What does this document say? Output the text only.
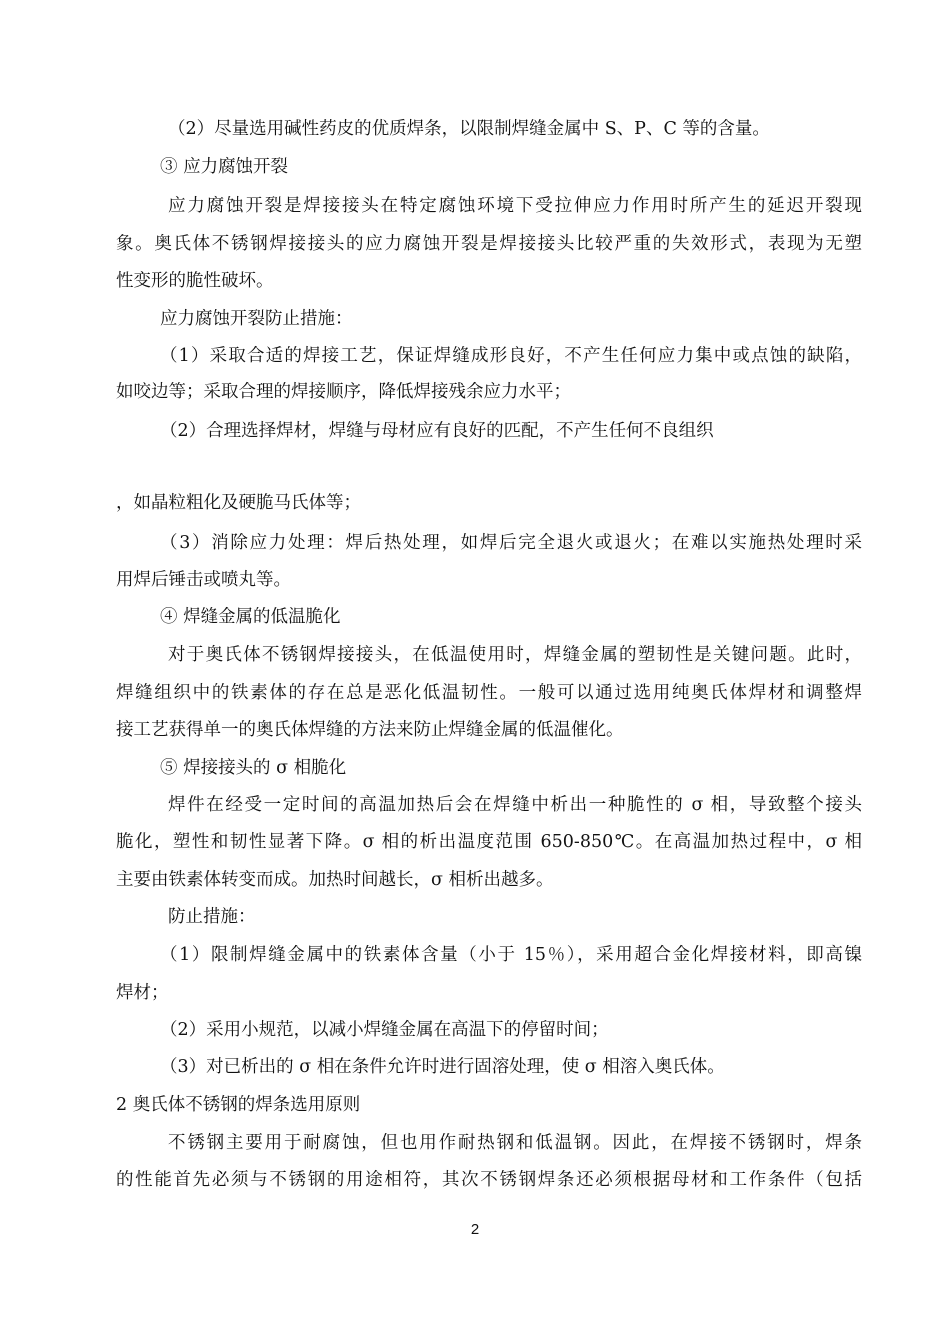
（2）尽量选用碱性药皮的优质焊条，以限制焊缝金属中 S、P、C 等的含量。
③ 应力腐蚀开裂
应力腐蚀开裂是焊接接头在特定腐蚀环境下受拉伸应力作用时所产生的延迟开裂现
象。奥氏体不锈钢焊接接头的应力腐蚀开裂是焊接接头比较严重的失效形式，表现为无塑
性变形的脆性破坏。
应力腐蚀开裂防止措施：
（1）采取合适的焊接工艺，保证焊缝成形良好，不产生任何应力集中或点蚀的缺陷，
如咬边等；采取合理的焊接顺序，降低焊接残余应力水平；
（2）合理选择焊材，焊缝与母材应有良好的匹配，不产生任何不良组织
，如晶粒粗化及硬脆马氏体等；
（3）消除应力处理：焊后热处理，如焊后完全退火或退火；在难以实施热处理时采
用焊后锤击或喷丸等。
④ 焊缝金属的低温脆化
对于奥氏体不锈钢焊接接头，在低温使用时，焊缝金属的塑韧性是关键问题。此时，
焊缝组织中的铁素体的存在总是恶化低温韧性。一般可以通过选用纯奥氏体焊材和调整焊
接工艺获得单一的奥氏体焊缝的方法来防止焊缝金属的低温催化。
⑤ 焊接接头的 σ 相脆化
焊件在经受一定时间的高温加热后会在焊缝中析出一种脆性的 σ 相，导致整个接头
脆化，塑性和韧性显著下降。σ 相的析出温度范围 650-850℃。在高温加热过程中，σ 相
主要由铁素体转变而成。加热时间越长，σ 相析出越多。
防止措施：
（1）限制焊缝金属中的铁素体含量（小于 15％），采用超合金化焊接材料，即高镍
焊材；
（2）采用小规范，以减小焊缝金属在高温下的停留时间；
（3）对已析出的 σ 相在条件允许时进行固溶处理，使 σ 相溶入奥氏体。
2 奥氏体不锈钢的焊条选用原则
不锈钢主要用于耐腐蚀，但也用作耐热钢和低温钢。因此，在焊接不锈钢时，焊条
的性能首先必须与不锈钢的用途相符，其次不锈钢焊条还必须根据母材和工作条件（包括
2
